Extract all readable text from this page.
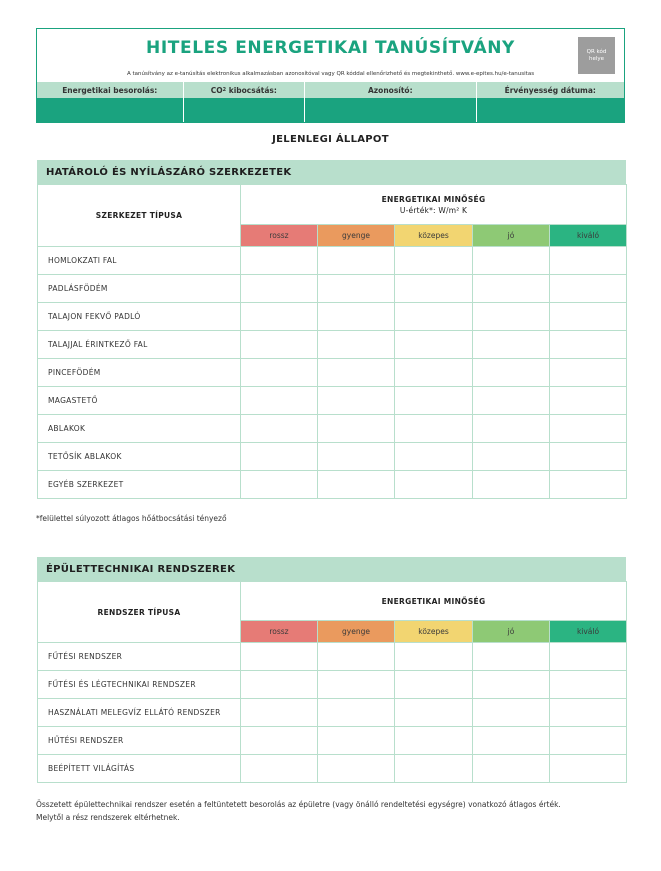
HITELES ENERGETIKAI TANÚSÍTVÁNY	QR kód helye
A tanúsítvány az e-tanúsítás elektronikus alkalmazásban azonosítóval vagy QR kóddal ellenőrizhető és megtekinthető. www.e-epites.hu/e-tanusitas
Energetikai besorolás:	CO 2 kibocsátás:	Azonosító:	Érvényesség dátuma:
JELENLEGI ÁLLAPOT
HATÁROLÓ ÉS NYÍLÁSZÁRÓ SZERKEZETEK
SZERKEZET TÍPUSA	ENERGETIKAI MINŐSÉG
U-érték*: W/m² K				

	rossz	gyenge	közepes	jó	kiváló
HOMLOKZATI FAL					
PADLÁSFÖDÉM					
TALAJON FEKVŐ PADLÓ					
TALAJJAL ÉRINTKEZŐ FAL					
PINCEFÖDÉM					
MAGASTETŐ					
ABLAKOK					
TETŐSÍK ABLAKOK					
EGYÉB SZERKEZET					
*felülettel súlyozott átlagos hőátbocsátási tényező
ÉPÜLETTECHNIKAI RENDSZEREK
RENDSZER TÍPUSA	ENERGETIKAI MINŐSÉG				
	rossz	gyenge	közepes	jó	kiváló
FŰTÉSI RENDSZER					
FŰTÉSI ÉS LÉGTECHNIKAI RENDSZER					
HASZNÁLATI MELEGVÍZ ELLÁTÓ RENDSZER					
HŰTÉSI RENDSZER					
BEÉPÍTETT VILÁGÍTÁS					
Összetett épülettechnikai rendszer esetén a feltüntetett besorolás az épületre (vagy önálló rendeltetési egységre) vonatkozó átlagos érték.
Melytől a rész rendszerek eltérhetnek.
